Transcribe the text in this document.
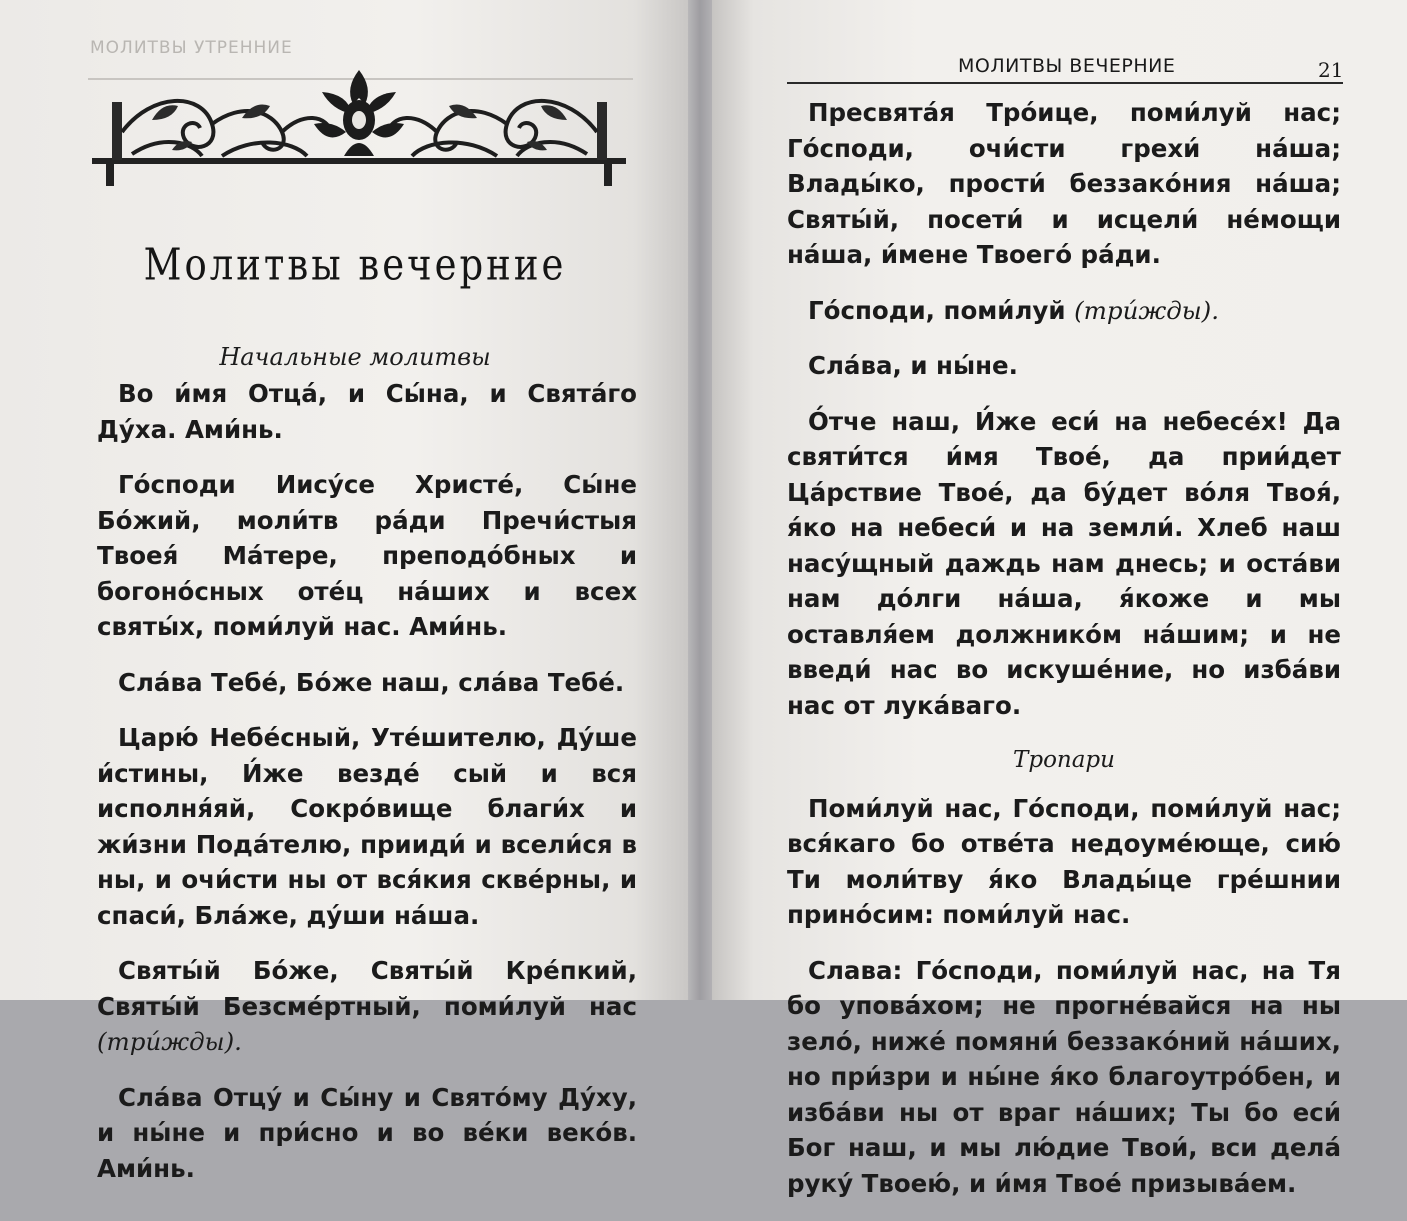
МОЛИТВЫ УТРЕННИЕ
Молитвы вечерние
Начальные молитвы

Во и́мя Отца́, и Сы́на, и Свята́го Ду́ха. Ами́нь.

Го́споди Иису́се Христе́, Сы́не Бо́жий, моли́тв ра́ди Пречи́стыя Твоея́ Ма́тере, преподо́бных и богоно́сных оте́ц на́ших и всех святы́х, поми́луй нас. Ами́нь.

Сла́ва Тебе́, Бо́же наш, сла́ва Тебе́.

Царю́ Небе́сный, Уте́шителю, Ду́ше и́стины, И́же везде́ сый и вся исполня́яй, Сокро́вище благи́х и жи́зни Пода́телю, прииди́ и всели́ся в ны, и очи́сти ны от вся́кия скве́рны, и спаси́, Бла́же, ду́ши на́ша.

Святы́й Бо́же, Святы́й Кре́пкий, Святы́й Безсме́ртный, поми́луй нас (три́жды).

Сла́ва Отцу́ и Сы́ну и Свято́му Ду́ху, и ны́не и при́сно и во ве́ки веко́в. Ами́нь.

МОЛИТВЫ ВЕЧЕРНИЕ	21

Пресвята́я Тро́ице, поми́луй нас; Го́споди, очи́сти грехи́ на́ша; Влады́ко, прости́ беззако́ния на́ша; Святы́й, посети́ и исцели́ не́мощи на́ша, и́мене Твоего́ ра́ди.

Го́споди, поми́луй (три́жды).

Сла́ва, и ны́не.

О́тче наш, И́же еси́ на небесе́х! Да святи́тся и́мя Твое́, да прии́дет Ца́рствие Твое́, да бу́дет во́ля Твоя́, я́ко на небеси́ и на земли́. Хлеб наш насу́щный даждь нам днесь; и оста́ви нам до́лги на́ша, я́коже и мы оставля́ем должнико́м на́шим; и не введи́ нас во искуше́ние, но изба́ви нас от лука́ваго.

Тропари

Поми́луй нас, Го́споди, поми́луй нас; вся́каго бо отве́та недоуме́юще, сию́ Ти моли́тву я́ко Влады́це гре́шнии прино́сим: поми́луй нас.

Слава: Го́споди, поми́луй нас, на Тя бо упова́хом; не прогне́вайся на ны зело́, ниже́ помяни́ беззако́ний на́ших, но при́зри и ны́не я́ко благоутро́бен, и изба́ви ны от враг на́ших; Ты бо еси́ Бог наш, и мы лю́дие Твои́, вси дела́ руку́ Твоею́, и и́мя Твое́ призыва́ем.
